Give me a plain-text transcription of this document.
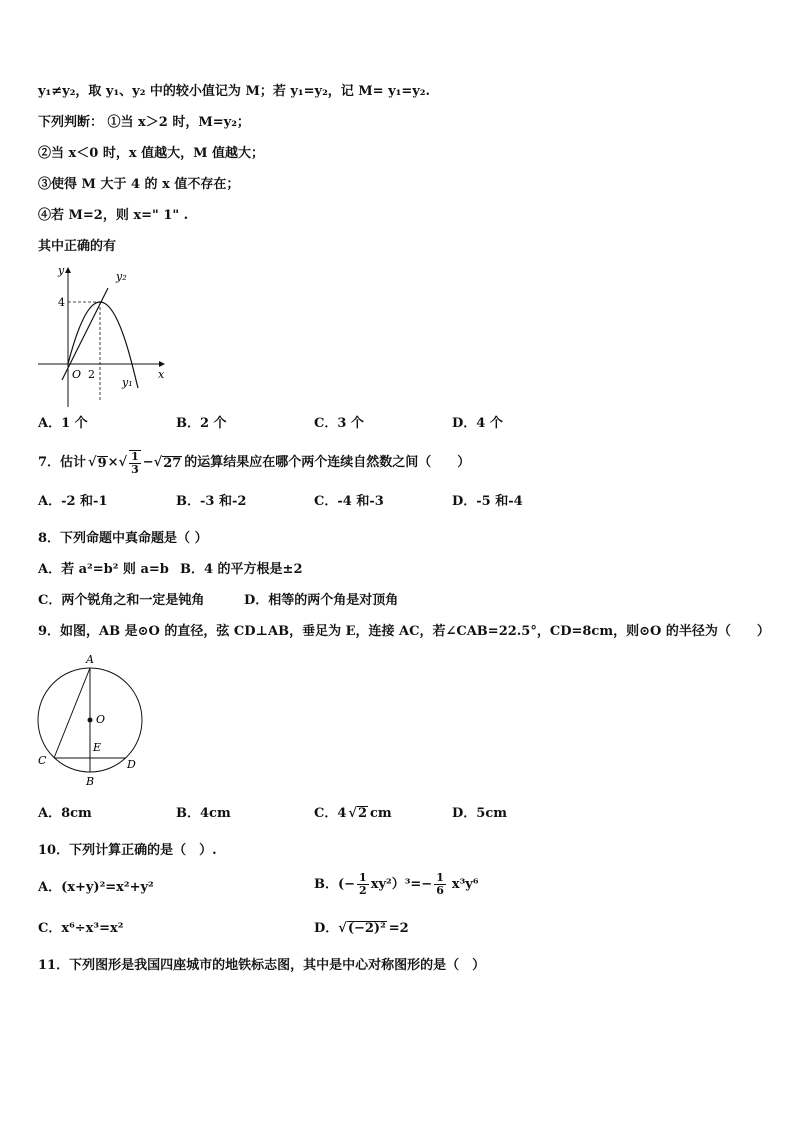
y₁≠y₂，取 y₁、y₂ 中的较小值记为 M；若 y₁=y₂，记 M= y₁=y₂.
下列判断： ①当 x＞2 时，M=y₂；
②当 x＜0 时，x 值越大，M 值越大；
③使得 M 大于 4 的 x 值不存在；
④若 M=2，则 x=" 1" .
其中正确的有
y
x
O 2
4
y₂
y₁
A．1 个	B．2 个	C．3 个	D．4 个
7．估计 √ 9 × √ $\frac{1}{3}$ − √ 27 的运算结果应在哪个两个连续自然数之间（　　）
A．-2 和-1	B．-3 和-2	C．-4 和-3	D．-5 和-4
8．下列命题中真命题是（ ）
A．若 a²=b² 则 a=b B．4 的平方根是±2
C．两个锐角之和一定是钝角	D．相等的两个角是对顶角
9．如图，AB 是⊙O 的直径，弦 CD⊥AB，垂足为 E，连接 AC，若∠CAB=22.5°，CD=8cm，则⊙O 的半径为（　　）
A
O
E
C
B
D
A．8cm	B．4cm	C．4 √2 cm	D．5cm
10．下列计算正确的是（　）.
A．(x+y)²=x²+y²	B．(− $\frac{1}{2} xy^2)^3=- \frac{1}{6} x^3y^6$
C．x⁶÷x³=x²	D．√(−2)² =2
11．下列图形是我国四座城市的地铁标志图，其中是中心对称图形的是（　）
